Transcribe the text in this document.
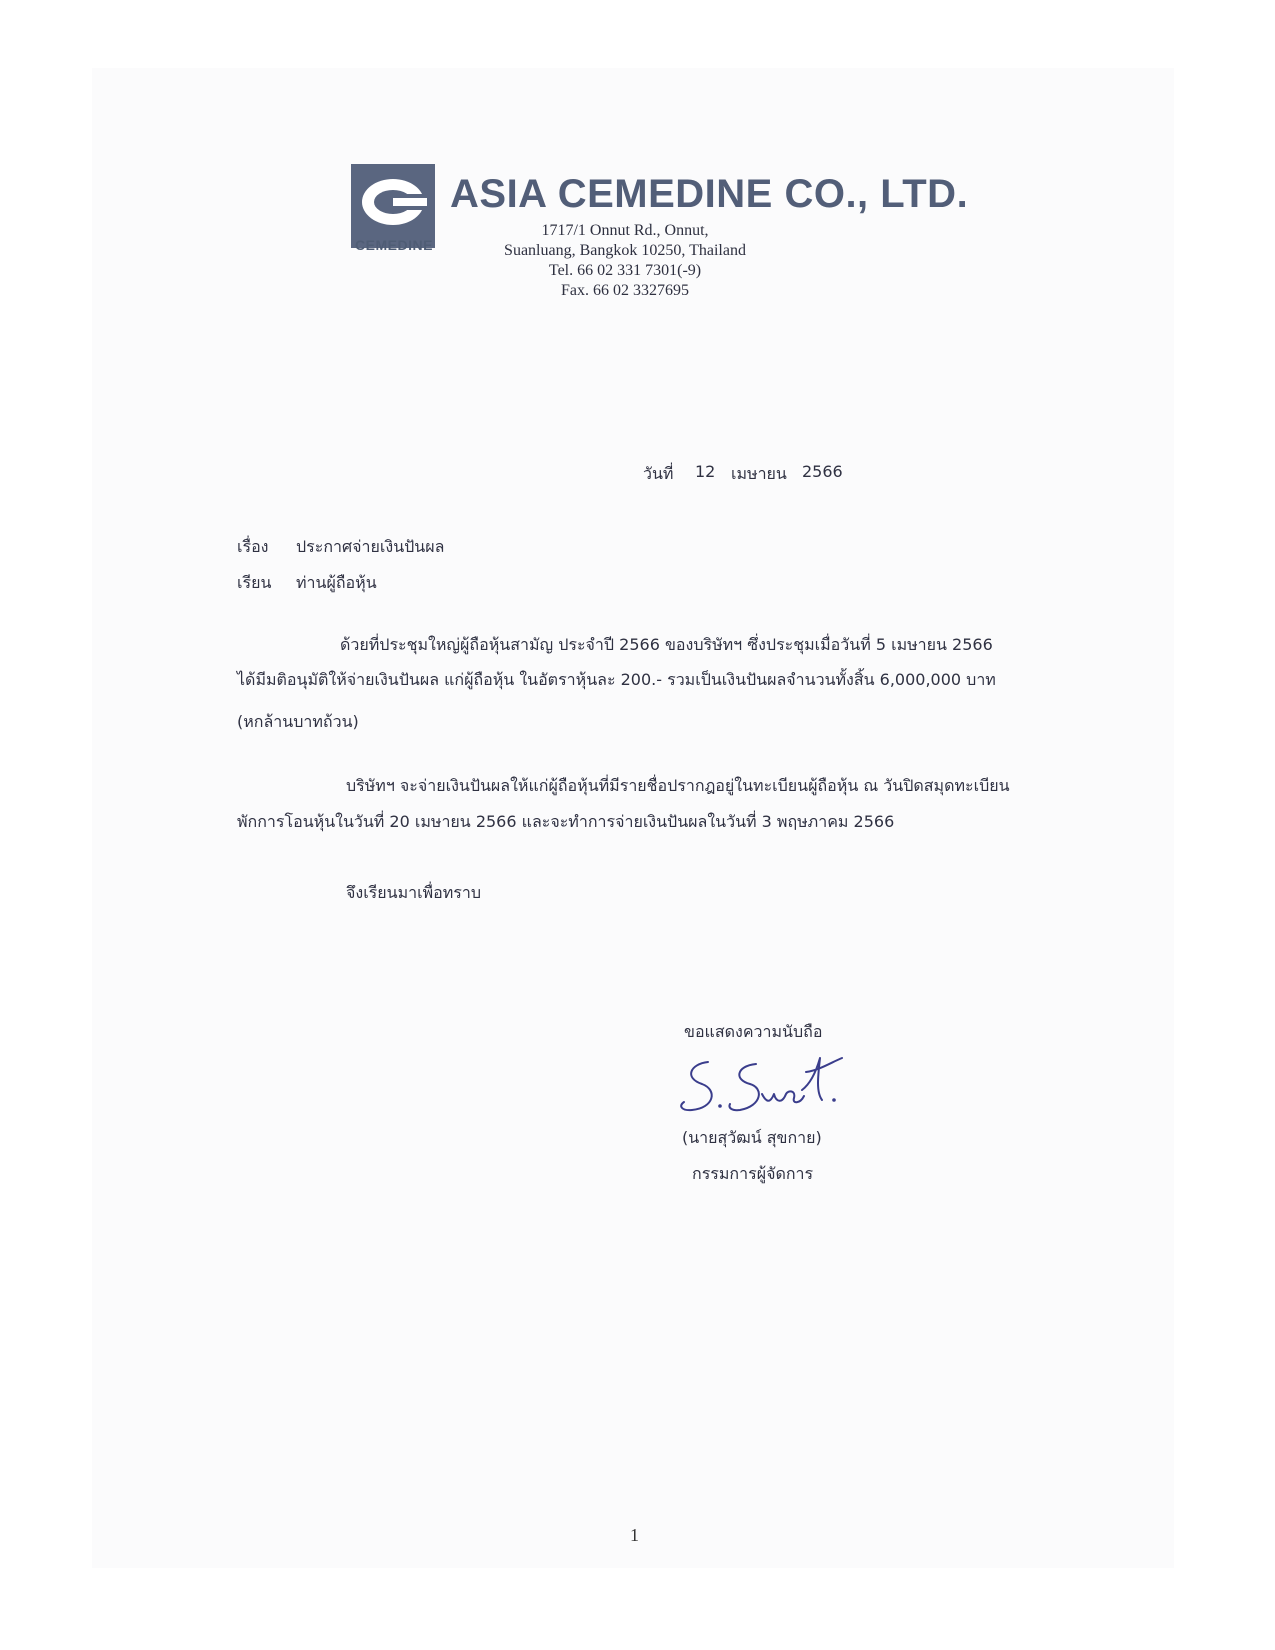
CEMEDINE
ASIA CEMEDINE CO., LTD.
1717/1 Onnut Rd., Onnut,
Suanluang, Bangkok 10250, Thailand
Tel. 66 02 331 7301(-9)
Fax. 66 02 3327695
วันที่ 12 เมษายน 2566
เรื่อง ประกาศจ่ายเงินปันผล
เรียน ท่านผู้ถือหุ้น
ด้วยที่ประชุมใหญ่ผู้ถือหุ้นสามัญ ประจำปี 2566 ของบริษัทฯ ซึ่งประชุมเมื่อวันที่ 5 เมษายน 2566
ได้มีมติอนุมัติให้จ่ายเงินปันผล แก่ผู้ถือหุ้น ในอัตราหุ้นละ 200.- รวมเป็นเงินปันผลจำนวนทั้งสิ้น 6,000,000 บาท
(หกล้านบาทถ้วน)
บริษัทฯ จะจ่ายเงินปันผลให้แก่ผู้ถือหุ้นที่มีรายชื่อปรากฎอยู่ในทะเบียนผู้ถือหุ้น ณ วันปิดสมุดทะเบียน
พักการโอนหุ้นในวันที่ 20 เมษายน 2566 และจะทำการจ่ายเงินปันผลในวันที่ 3 พฤษภาคม 2566
จึงเรียนมาเพื่อทราบ
ขอแสดงความนับถือ
(นายสุวัฒน์ สุขกาย)
กรรมการผู้จัดการ
1
